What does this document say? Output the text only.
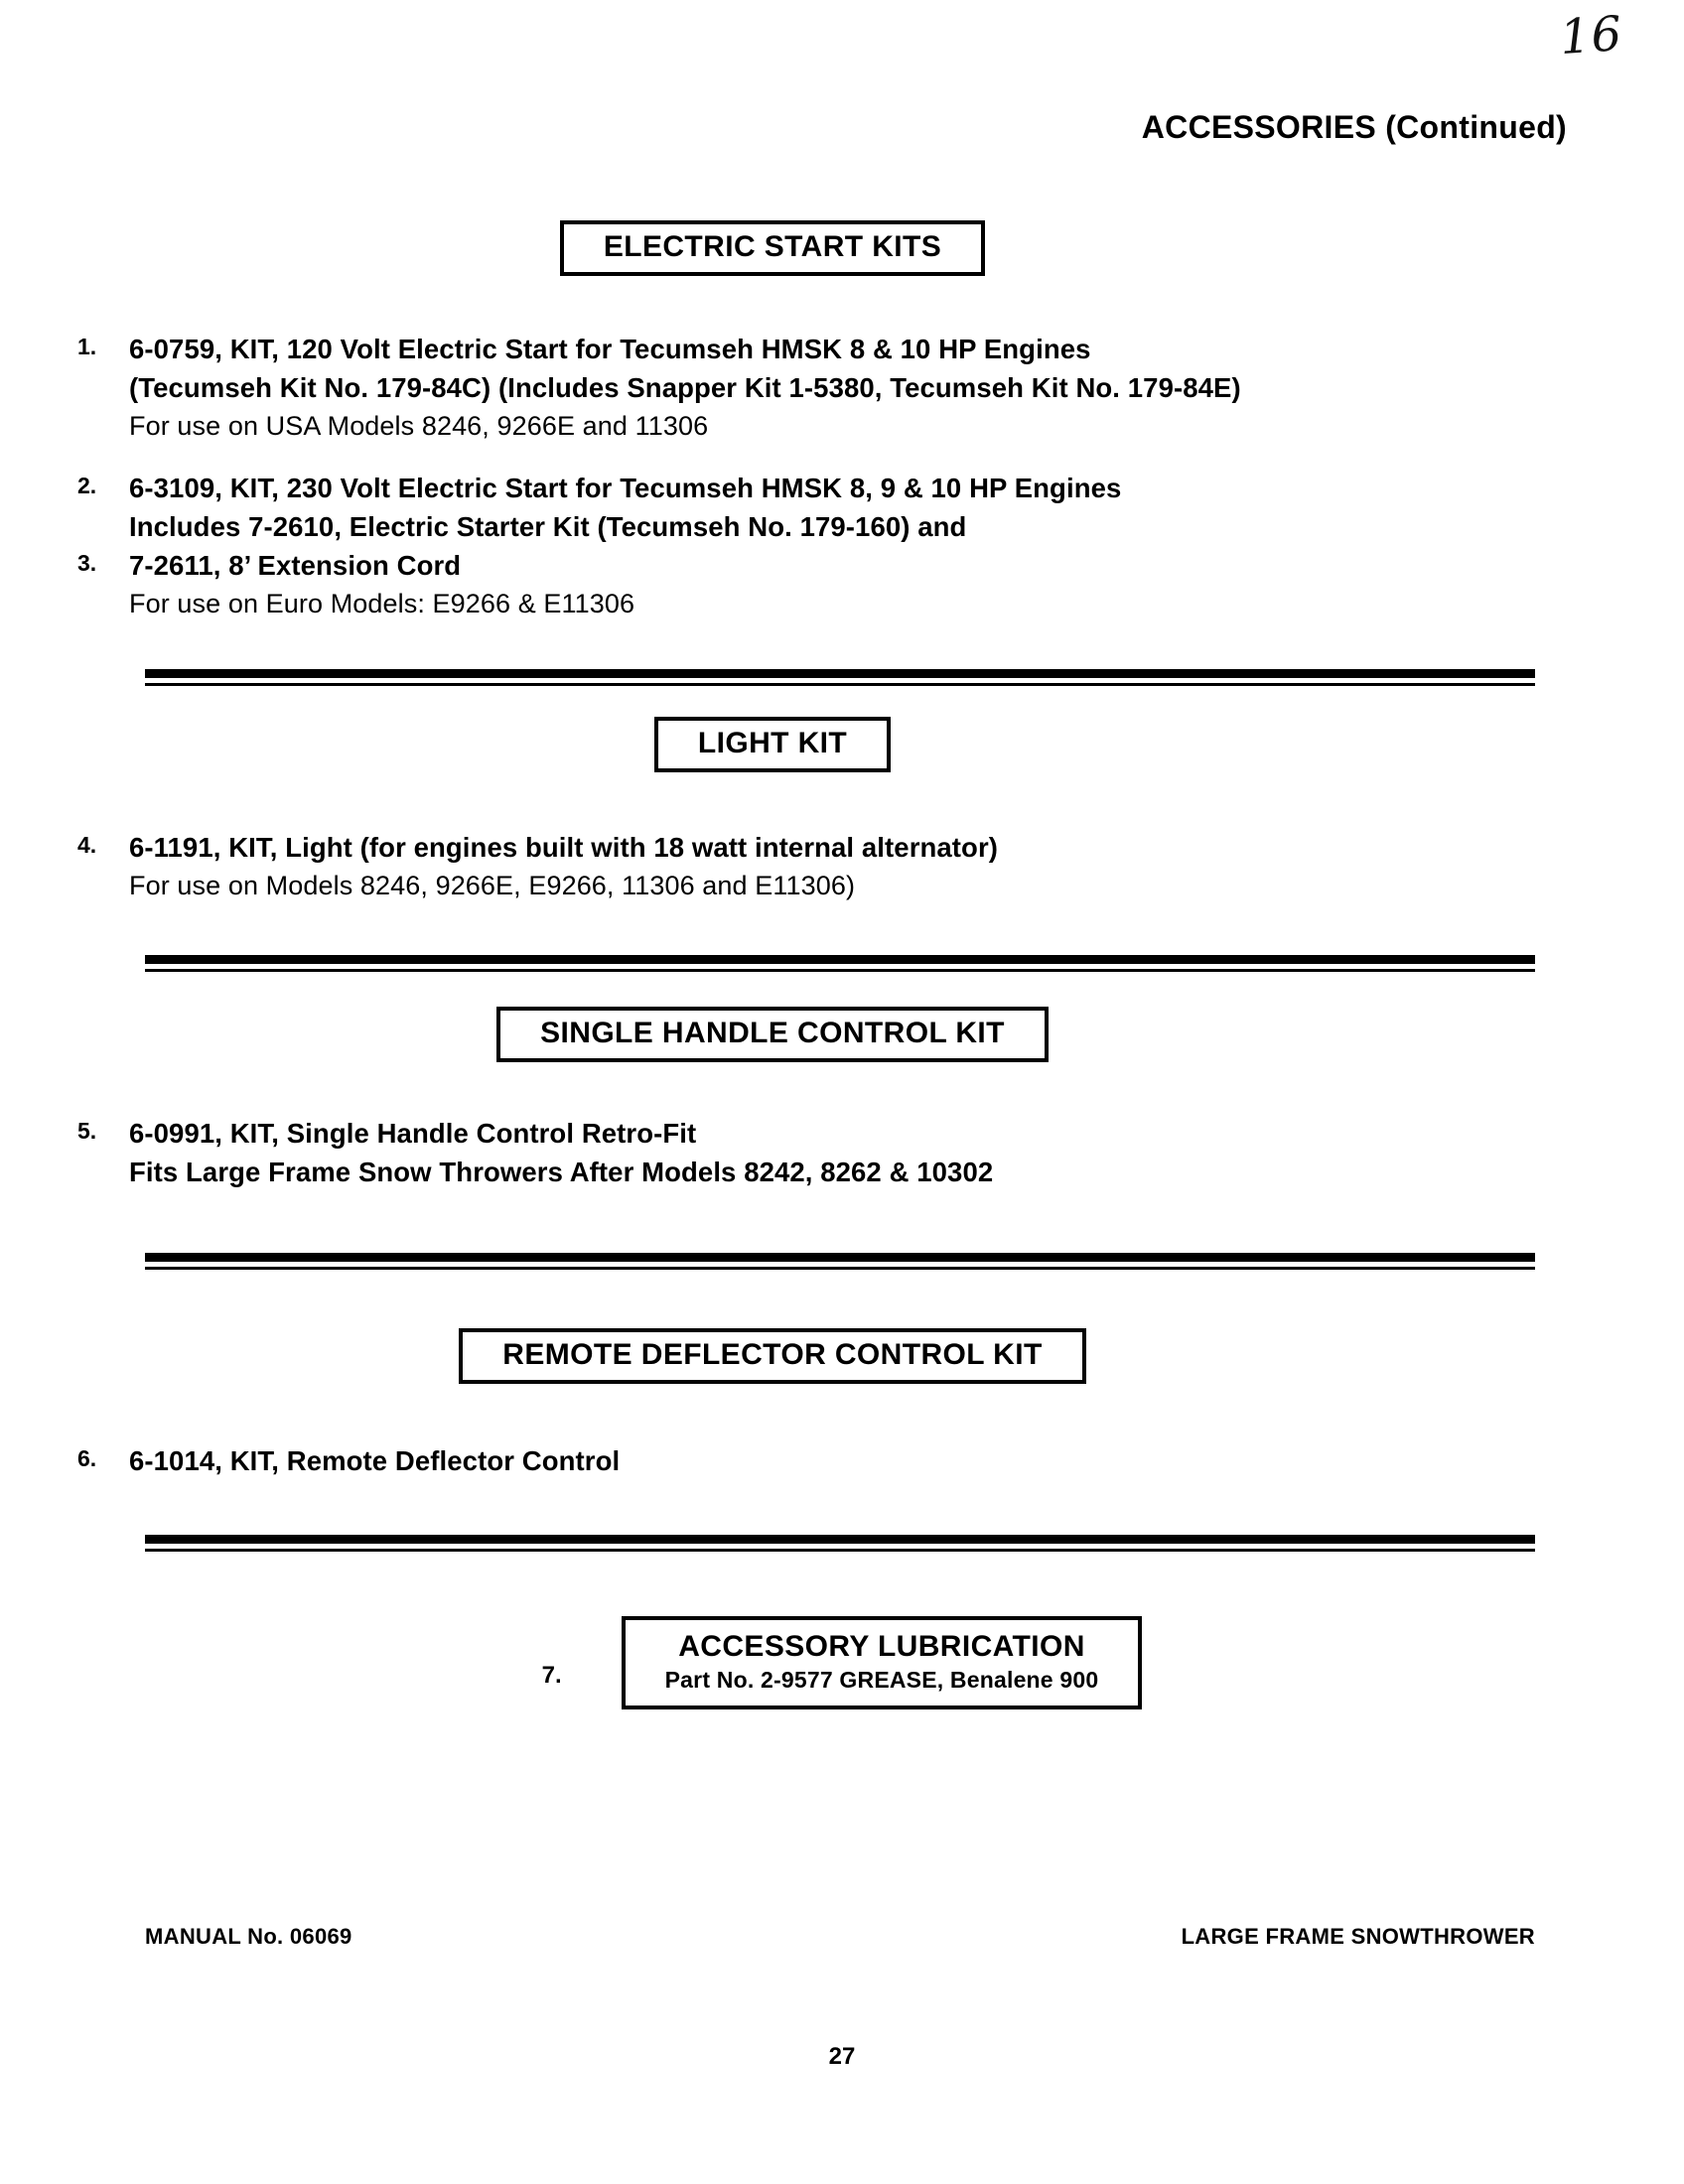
16
ACCESSORIES (Continued)
ELECTRIC START KITS
1.	6-0759, KIT, 120 Volt Electric Start for Tecumseh HMSK 8 & 10 HP Engines
(Tecumseh Kit No. 179-84C) (Includes Snapper Kit 1-5380, Tecumseh Kit No. 179-84E)
For use on USA Models 8246, 9266E and 11306
2.	6-3109, KIT, 230 Volt Electric Start for Tecumseh HMSK 8, 9 & 10 HP Engines
Includes 7-2610, Electric Starter Kit (Tecumseh No. 179-160) and
3.	7-2611, 8’ Extension Cord
For use on Euro Models: E9266 & E11306
LIGHT KIT
4.	6-1191, KIT, Light (for engines built with 18 watt internal alternator)
For use on Models 8246, 9266E, E9266, 11306 and E11306)
SINGLE HANDLE CONTROL KIT
5.	6-0991, KIT, Single Handle Control Retro-Fit
Fits Large Frame Snow Throwers After Models 8242, 8262 & 10302
REMOTE DEFLECTOR CONTROL KIT
6.	6-1014, KIT, Remote Deflector Control
7.
ACCESSORY LUBRICATION
Part No. 2-9577 GREASE, Benalene 900
MANUAL No. 06069	LARGE FRAME SNOWTHROWER
27
